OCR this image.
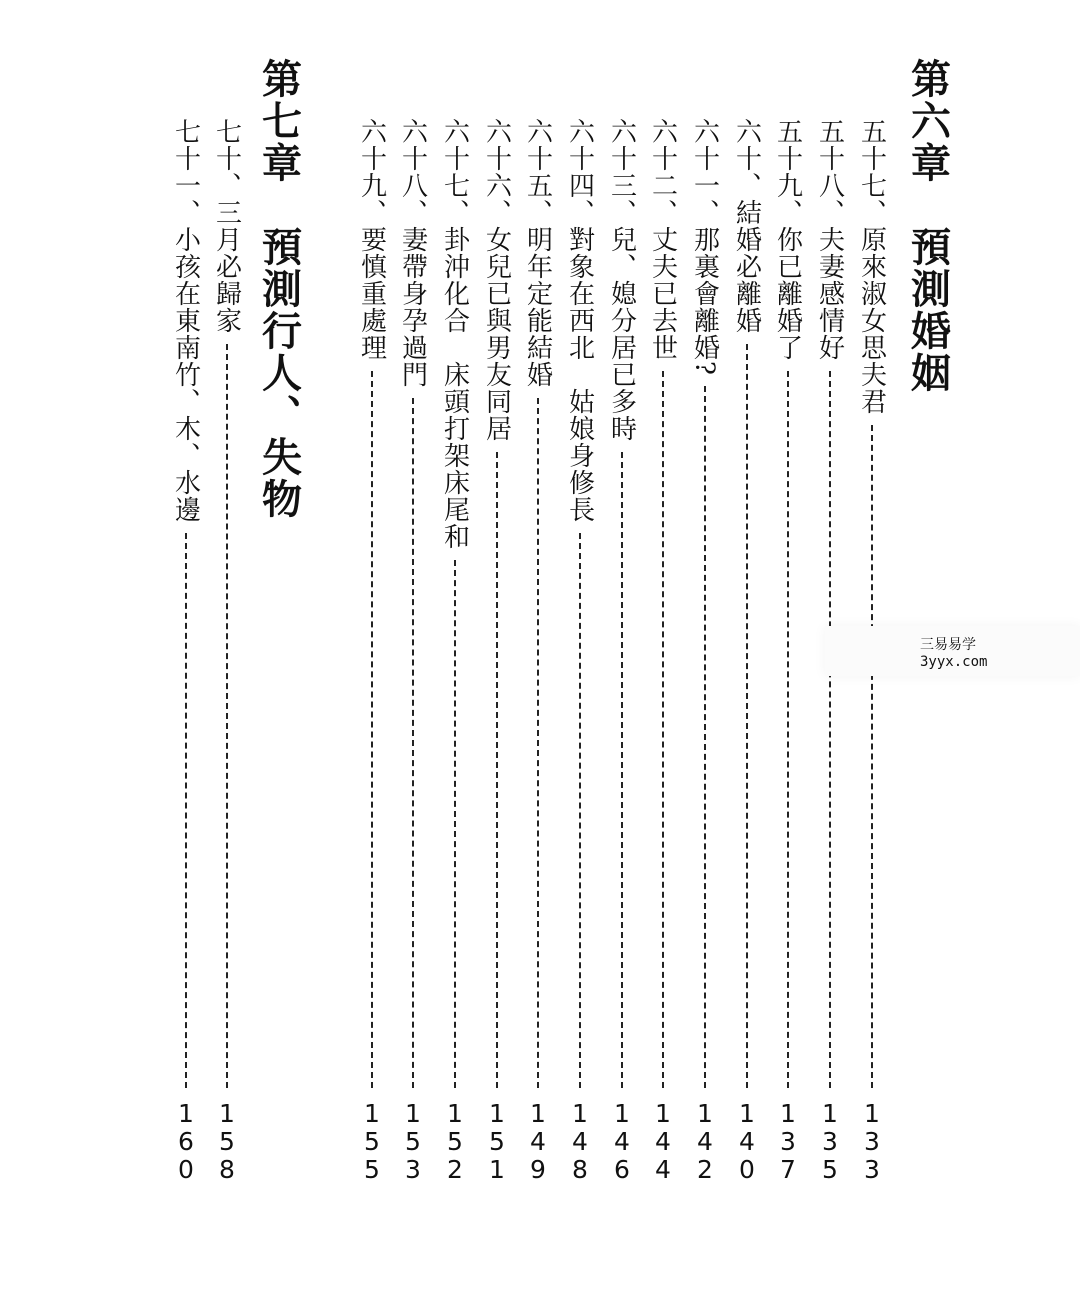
第六章　預測婚姻
五十七、原來淑女思夫君
1
3
3
五十八、夫妻感情好
1
3
5
五十九、你已離婚了
1
3
7
六十、結婚必離婚
1
4
0
六十一、那裏會離婚?
1
4
2
六十二、丈夫已去世
1
4
4
六十三、兒、媳分居已多時
1
4
6
六十四、對象在西北　姑娘身修長
1
4
8
六十五、明年定能結婚
1
4
9
六十六、女兒已與男友同居
1
5
1
六十七、卦沖化合　床頭打架床尾和
1
5
2
六十八、妻帶身孕過門
1
5
3
六十九、要慎重處理
1
5
5
第七章　預測行人、失物
七十、三月必歸家
1
5
8
七十一、小孩在東南竹、木、水邊
1
6
0
三易易学
3yyx.com
